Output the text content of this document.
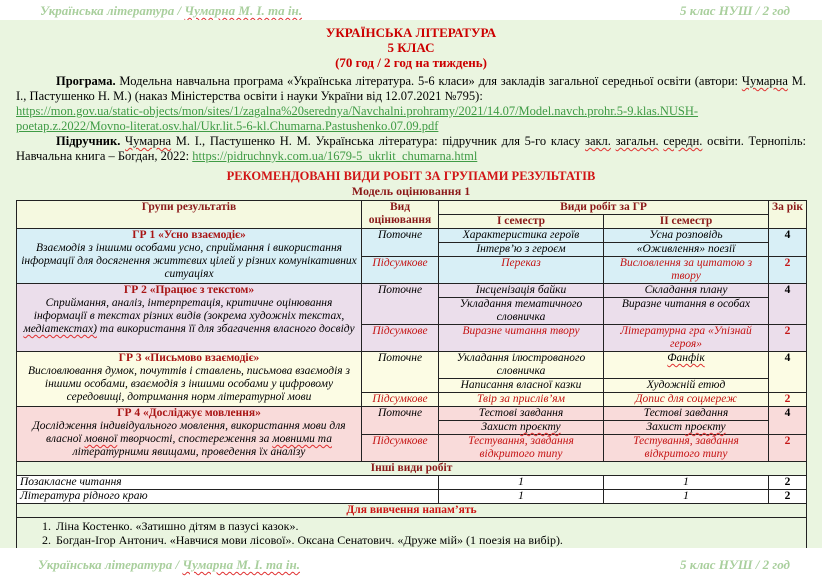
Українська література / Чумарна М. І. та ін.	5 клас НУШ / 2 год
УКРАЇНСЬКА ЛІТЕРАТУРА
5 КЛАС
(70 год / 2 год на тиждень)

Програма. Модельна навчальна програма «Українська література. 5-6 класи» для закладів загальної середньої освіти (автори: Чумарна М. І., Пастушенко Н. М.) (наказ Міністерства освіти і науки України від 12.07.2021 №795):

https://mon.gov.ua/static-objects/mon/sites/1/zagalna%20serednya/Navchalni.prohramy/2021/14.07/Model.navch.prohr.5-9.klas.NUSH-poetap.z.2022/Movno-literat.osv.hal/Ukr.lit.5-6-kl.Chumarna.Pastushenko.07.09.pdf

Підручник. Чумарна М. І., Пастушенко Н. М. Українська література: підручник для 5-го класу закл. загальн. середн. освіти. Тернопіль: Навчальна книга – Богдан, 2022: https://pidruchnyk.com.ua/1679-5_ukrlit_chumarna.html

РЕКОМЕНДОВАНІ ВИДИ РОБІТ ЗА ГРУПАМИ РЕЗУЛЬТАТІВ
Модель оцінювання 1
Групи результатів	Вид оцінювання	Види робіт за ГР		За рік
		І семестр	ІІ семестр	

ГР 1 «Усно взаємодіє»
Взаємодія з іншими особами усно, сприймання і використання інформації для досягнення життєвих цілей у різних комунікативних ситуаціях	Поточне	Характеристика героїв	Усна розповідь	4
		Інтерв’ю з героєм	«Оживлення» поезії	
	Підсумкове	Переказ	Висловлення за цитатою з твору	2

ГР 2 «Працює з текстом»
Сприймання, аналіз, інтерпретація, критичне оцінювання інформації в текстах різних видів (зокрема художніх текстах, медіатекстах) та використання її для збагачення власного досвіду	Поточне	Інсценізація байки	Складання плану	4
		Укладання тематичного словничка	Виразне читання в особах	
	Підсумкове	Виразне читання твору	Літературна гра «Упізнай героя»	2

ГР 3 «Письмово взаємодіє»
Висловлювання думок, почуттів і ставлень, письмова взаємодія з іншими особами, взаємодія з іншими особами у цифровому середовищі, дотримання норм літературної мови	Поточне	Укладання ілюстрованого словничка	Фанфік	4
		Написання власної казки	Художній етюд	
	Підсумкове	Твір за прислів’ям	Допис для соцмереж	2

ГР 4 «Досліджує мовлення»
Дослідження індивідуального мовлення, використання мови для власної мовної творчості, спостереження за мовними та літературними явищами, проведення їх аналізу	Поточне	Тестові завдання	Тестові завдання	4
		Захист проєкту	Захист проєкту	
	Підсумкове	Тестування, завдання відкритого типу	Тестування, завдання відкритого типу	2
Інші види робіт				
Позакласне читання		1	1	2
Література рідного краю		1	1	2
Для вивчення напам’ять				

1. Ліна Костенко. «Затишно дітям в пазусі казок».
2. Богдан-Ігор Антонич. «Навчися мови лісової». Оксана Сенатович. «Друже мій» (1 поезія на вибір).
3.
Українська література / Чумарна М. І. та ін.	5 клас НУШ / 2 год
